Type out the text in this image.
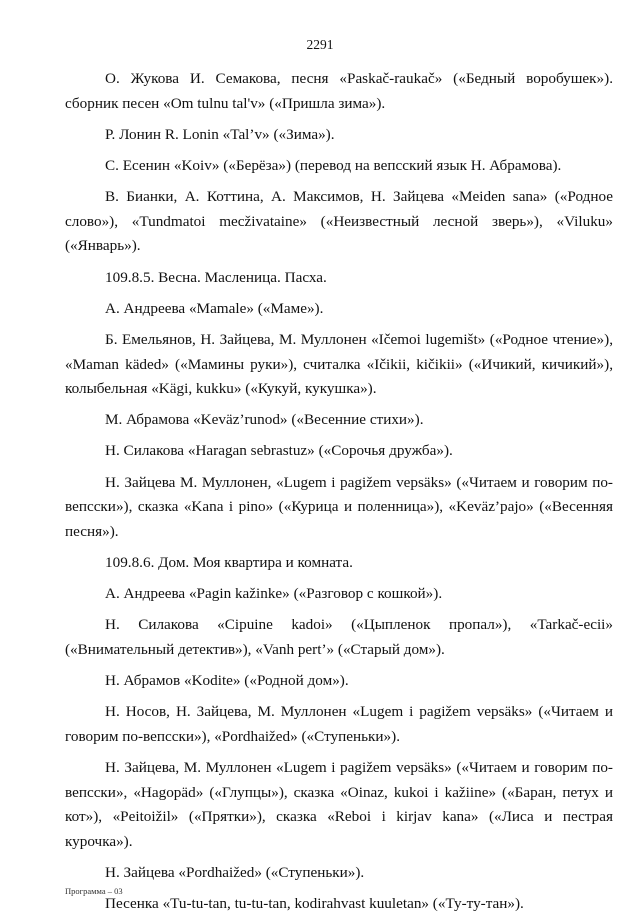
2291

О. Жукова И. Семакова, песня «Paskač-raukač» («Бедный воробушек»). сборник песен «Om tulnu tal'v» («Пришла зима»).

Р. Лонин R. Lonin «Tal’v» («Зима»).

С. Есенин «Koiv» («Берёза») (перевод на вепсский язык Н. Абрамова).

В. Бианки, А. Коттина, А. Максимов, Н. Зайцева «Meiden sana» («Родное слово»), «Tundmatoi mecživataine» («Неизвестный лесной зверь»), «Viluku» («Январь»).

109.8.5. Весна. Масленица. Пасха.

А. Андреева «Mamale» («Маме»).

Б. Емельянов, Н. Зайцева, М. Муллонен «Ičemoi lugemišt» («Родное чтение»), «Maman käded» («Мамины руки»), считалка «Ičikii, kičikii» («Ичикий, кичикий»), колыбельная «Kägi, kukku» («Кукуй, кукушка»).

М. Абрамова «Keväz’runod» («Весенние стихи»).

Н. Силакова «Haragan sebrastuz» («Сорочья дружба»).

Н. Зайцева М. Муллонен, «Lugem i pagižem vepsäks» («Читаем и говорим по-вепсски»), сказка «Kana i pino» («Курица и поленница»), «Keväz’pajo» («Весенняя песня»).

109.8.6. Дом. Моя квартира и комната.

А. Андреева «Pagin kažinke» («Разговор с кошкой»).

Н. Силакова «Cipuine kadoi» («Цыпленок пропал»), «Tarkač-ecii» («Внимательный детектив»), «Vanh pert’» («Старый дом»).

Н. Абрамов «Kodite» («Родной дом»).

Н. Носов, Н. Зайцева, М. Муллонен «Lugem i pagižem vepsäks» («Читаем и говорим по-вепсски»), «Pordhaižed» («Ступеньки»).

Н. Зайцева, М. Муллонен «Lugem i pagižem vepsäks» («Читаем и говорим по-вепсски», «Hagopäd» («Глупцы»), сказка «Oinaz, kukoi i kažiine» («Баран, петух и кот»), «Peitoižil» («Прятки»), сказка «Reboi i kirjav kana» («Лиса и пестрая курочка»).

Н. Зайцева «Pordhaižed» («Ступеньки»).

Песенка «Tu-tu-tan, tu-tu-tan, kodirahvast kuuletan» («Ту-ту-тан»).

Программа – 03
